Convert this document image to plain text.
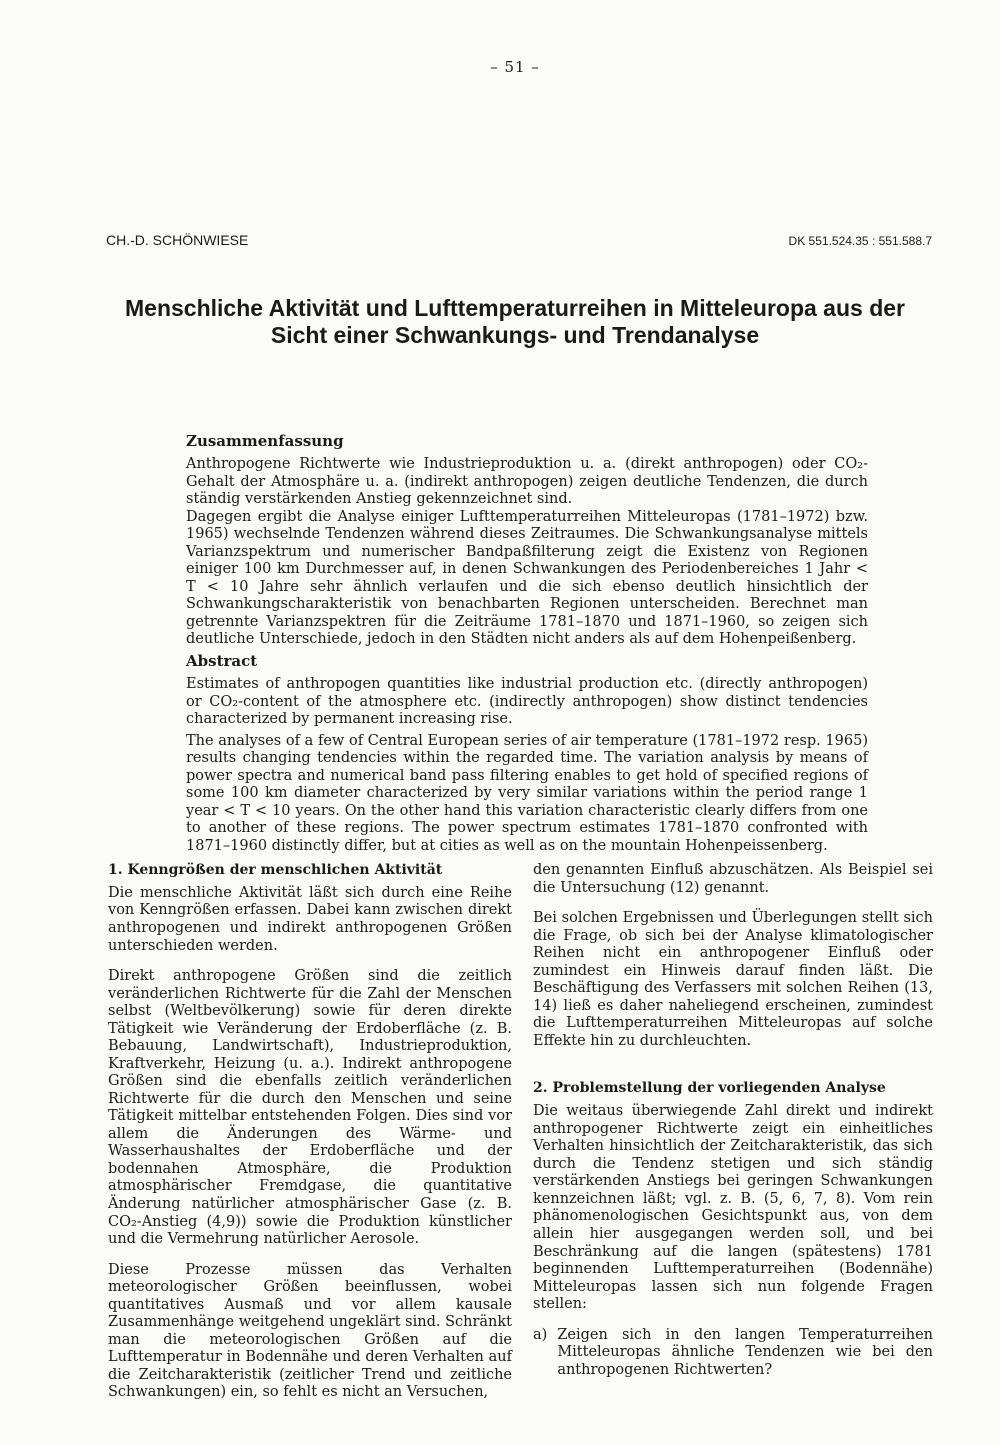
– 51 –
CH.-D. SCHÖNWIESE	DK 551.524.35 : 551.588.7
Menschliche Aktivität und Lufttemperaturreihen in Mitteleuropa aus der Sicht einer Schwankungs- und Trendanalyse
Zusammenfassung

Anthropogene Richtwerte wie Industrieproduktion u. a. (direkt anthropogen) oder CO₂-Gehalt der Atmosphäre u. a. (indirekt anthropogen) zeigen deutliche Tendenzen, die durch ständig verstärkenden Anstieg gekennzeichnet sind.

Dagegen ergibt die Analyse einiger Lufttemperaturreihen Mitteleuropas (1781–1972) bzw. 1965) wechselnde Tendenzen während dieses Zeitraumes. Die Schwankungsanalyse mittels Varianzspektrum und numerischer Bandpaßfilterung zeigt die Existenz von Regionen einiger 100 km Durchmesser auf, in denen Schwankungen des Periodenbereiches 1 Jahr < T < 10 Jahre sehr ähnlich verlaufen und die sich ebenso deutlich hinsichtlich der Schwankungscharakteristik von benachbarten Regionen unterscheiden. Berechnet man getrennte Varianzspektren für die Zeiträume 1781–1870 und 1871–1960, so zeigen sich deutliche Unterschiede, jedoch in den Städten nicht anders als auf dem Hohenpeißenberg.

Abstract

Estimates of anthropogen quantities like industrial production etc. (directly anthropogen) or CO₂-content of the atmosphere etc. (indirectly anthropogen) show distinct tendencies characterized by permanent increasing rise.

The analyses of a few of Central European series of air temperature (1781–1972 resp. 1965) results changing tendencies within the regarded time. The variation analysis by means of power spectra and numerical band pass filtering enables to get hold of specified regions of some 100 km diameter characterized by very similar variations within the period range 1 year < T < 10 years. On the other hand this variation characteristic clearly differs from one to another of these regions. The power spectrum estimates 1781–1870 confronted with 1871–1960 distinctly differ, but at cities as well as on the mountain Hohenpeissenberg.

1. Kenngrößen der menschlichen Aktivität

Die menschliche Aktivität läßt sich durch eine Reihe von Kenngrößen erfassen. Dabei kann zwischen direkt anthropogenen und indirekt anthropogenen Größen unterschieden werden.

Direkt anthropogene Größen sind die zeitlich veränderlichen Richtwerte für die Zahl der Menschen selbst (Weltbevölkerung) sowie für deren direkte Tätigkeit wie Veränderung der Erdoberfläche (z. B. Bebauung, Landwirtschaft), Industrieproduktion, Kraftverkehr, Heizung (u. a.). Indirekt anthropogene Größen sind die ebenfalls zeitlich veränderlichen Richtwerte für die durch den Menschen und seine Tätigkeit mittelbar entstehenden Folgen. Dies sind vor allem die Änderungen des Wärme- und Wasserhaushaltes der Erdoberfläche und der bodennahen Atmosphäre, die Produktion atmosphärischer Fremdgase, die quantitative Änderung natürlicher atmosphärischer Gase (z. B. CO₂-Anstieg (4,9)) sowie die Produktion künstlicher und die Vermehrung natürlicher Aerosole.

Diese Prozesse müssen das Verhalten meteorologischer Größen beeinflussen, wobei quantitatives Ausmaß und vor allem kausale Zusammenhänge weitgehend ungeklärt sind. Schränkt man die meteorologischen Größen auf die Lufttemperatur in Bodennähe und deren Verhalten auf die Zeitcharakteristik (zeitlicher Trend und zeitliche Schwankungen) ein, so fehlt es nicht an Versuchen,

den genannten Einfluß abzuschätzen. Als Beispiel sei die Untersuchung (12) genannt.

Bei solchen Ergebnissen und Überlegungen stellt sich die Frage, ob sich bei der Analyse klimatologischer Reihen nicht ein anthropogener Einfluß oder zumindest ein Hinweis darauf finden läßt. Die Beschäftigung des Verfassers mit solchen Reihen (13, 14) ließ es daher naheliegend erscheinen, zumindest die Lufttemperaturreihen Mitteleuropas auf solche Effekte hin zu durchleuchten.

2. Problemstellung der vorliegenden Analyse

Die weitaus überwiegende Zahl direkt und indirekt anthropogener Richtwerte zeigt ein einheitliches Verhalten hinsichtlich der Zeitcharakteristik, das sich durch die Tendenz stetigen und sich ständig verstärkenden Anstiegs bei geringen Schwankungen kennzeichnen läßt; vgl. z. B. (5, 6, 7, 8). Vom rein phänomenologischen Gesichtspunkt aus, von dem allein hier ausgegangen werden soll, und bei Beschränkung auf die langen (spätestens) 1781 beginnenden Lufttemperaturreihen (Bodennähe) Mitteleuropas lassen sich nun folgende Fragen stellen:

a) Zeigen sich in den langen Temperaturreihen Mitteleuropas ähnliche Tendenzen wie bei den anthropogenen Richtwerten?
